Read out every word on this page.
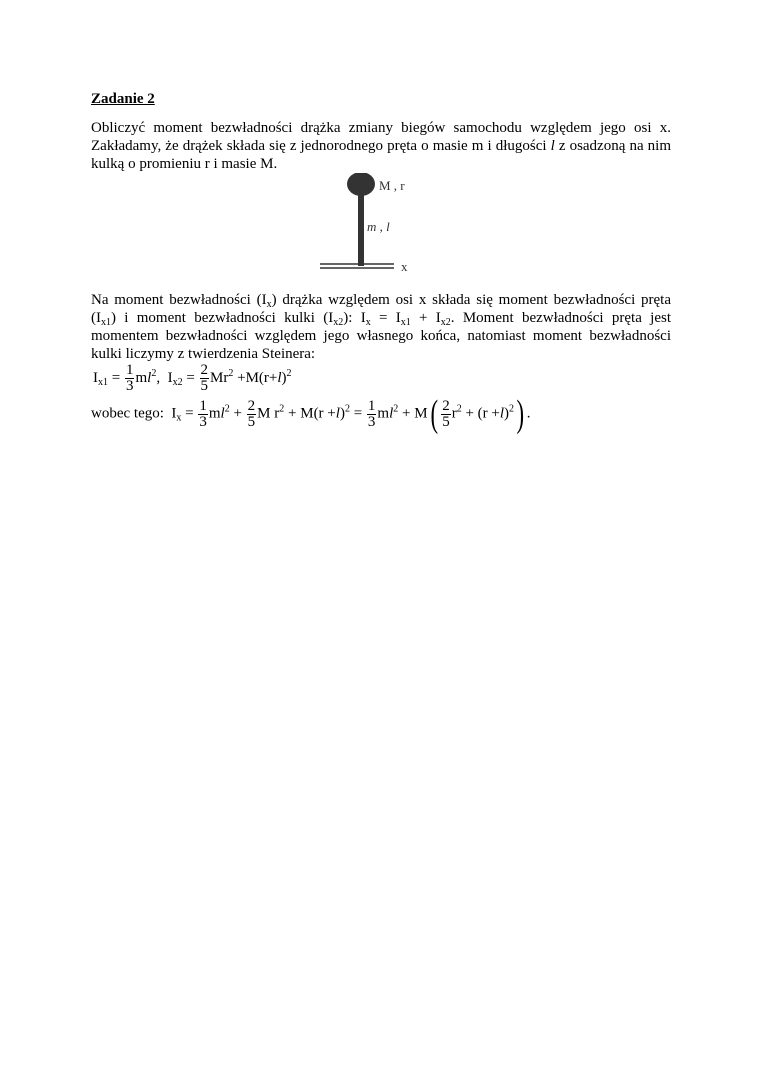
Zadanie 2

Obliczyć moment bezwładności drążka zmiany biegów samochodu względem jego osi x. Zakładamy, że drążek składa się z jednorodnego pręta o masie m i długości l z osadzoną na nim kulką o promieniu r i masie M.

M , r
m , l
x

Na moment bezwładności $(I_x)$ drążka względem osi x składa się moment bezwładności pręta $(I_{x1})$ i moment bezwładności kulki $(I_{x2})$: $I_x = I_{x1} + I_{x2}$. Moment bezwładności pręta jest momentem bezwładności względem jego własnego końca, natomiast moment bezwładności kulki liczymy z twierdzenia Steinera:

$I_{x1} = \frac{1}{3} ml^2$, $I_{x2} = \frac{2}{5} Mr^2 +M(r+l)^2$
wobec tego: $I_x = \frac{1}{3} ml^2 + \frac{2}{5}$ M $r^2 + M(r +l)^2 = \frac{1}{3} ml^2 + M( \frac{2}{5} r^2 + (r +l)^2)$ .
